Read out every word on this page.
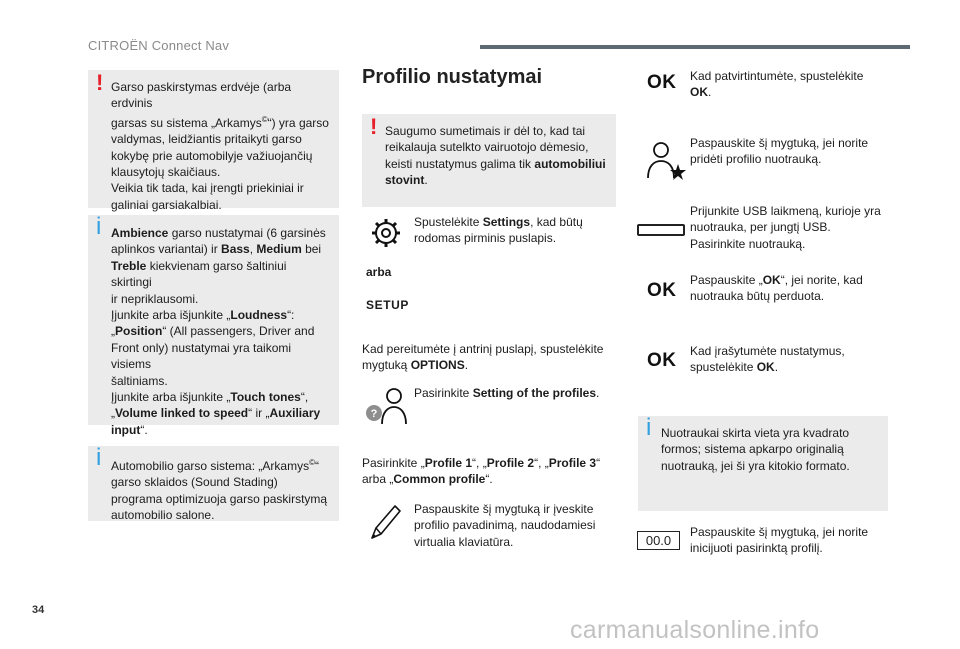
CITROËN Connect Nav
! Garso paskirstymas erdvėje (arba erdvinis
garsas su sistema „Arkamys©“) yra garso
valdymas, leidžiantis pritaikyti garso
kokybę prie automobilyje važiuojančių
klausytojų skaičiaus.
Veikia tik tada, kai įrengti priekiniai ir
galiniai garsiakalbiai.
i Ambience garso nustatymai (6 garsinės
aplinkos variantai) ir Bass, Medium bei
Treble kiekvienam garso šaltiniui skirtingi
ir nepriklausomi.
Įjunkite arba išjunkite „Loudness“:
„Position“ (All passengers, Driver and
Front only) nustatymai yra taikomi visiems
šaltiniams.
Įjunkite arba išjunkite „Touch tones“,
„Volume linked to speed“ ir „Auxiliary
input“.
i Automobilio garso sistema: „Arkamys©“
garso sklaidos (Sound Stading)
programa optimizuoja garso paskirstymą
automobilio salone.
Profilio nustatymai
! Saugumo sumetimais ir dėl to, kad tai
reikalauja sutelkto vairuotojo dėmesio,
keisti nustatymus galima tik automobiliui
stovint.
Spustelėkite Settings, kad būtų
rodomas pirminis puslapis.
arba
SETUP
Kad pereitumėte į antrinį puslapį, spustelėkite
mygtuką OPTIONS.
?
Pasirinkite Setting of the profiles.
Pasirinkite „Profile 1“, „Profile 2“, „Profile 3“
arba „Common profile“.
Paspauskite šį mygtuką ir įveskite
profilio pavadinimą, naudodamiesi
virtualia klaviatūra.
OK Kad patvirtintumėte, spustelėkite
OK.
Paspauskite šį mygtuką, jei norite
pridėti profilio nuotrauką.
Prijunkite USB laikmeną, kurioje yra
nuotrauka, per jungtį USB.
Pasirinkite nuotrauką.
OK Paspauskite „OK“, jei norite, kad
nuotrauka būtų perduota.
OK Kad įrašytumėte nustatymus,
spustelėkite OK.
i Nuotraukai skirta vieta yra kvadrato
formos; sistema apkarpo originalią
nuotrauką, jei ši yra kitokio formato.
00.0
Paspauskite šį mygtuką, jei norite
inicijuoti pasirinktą profilį.
34
carmanualsonline.info
